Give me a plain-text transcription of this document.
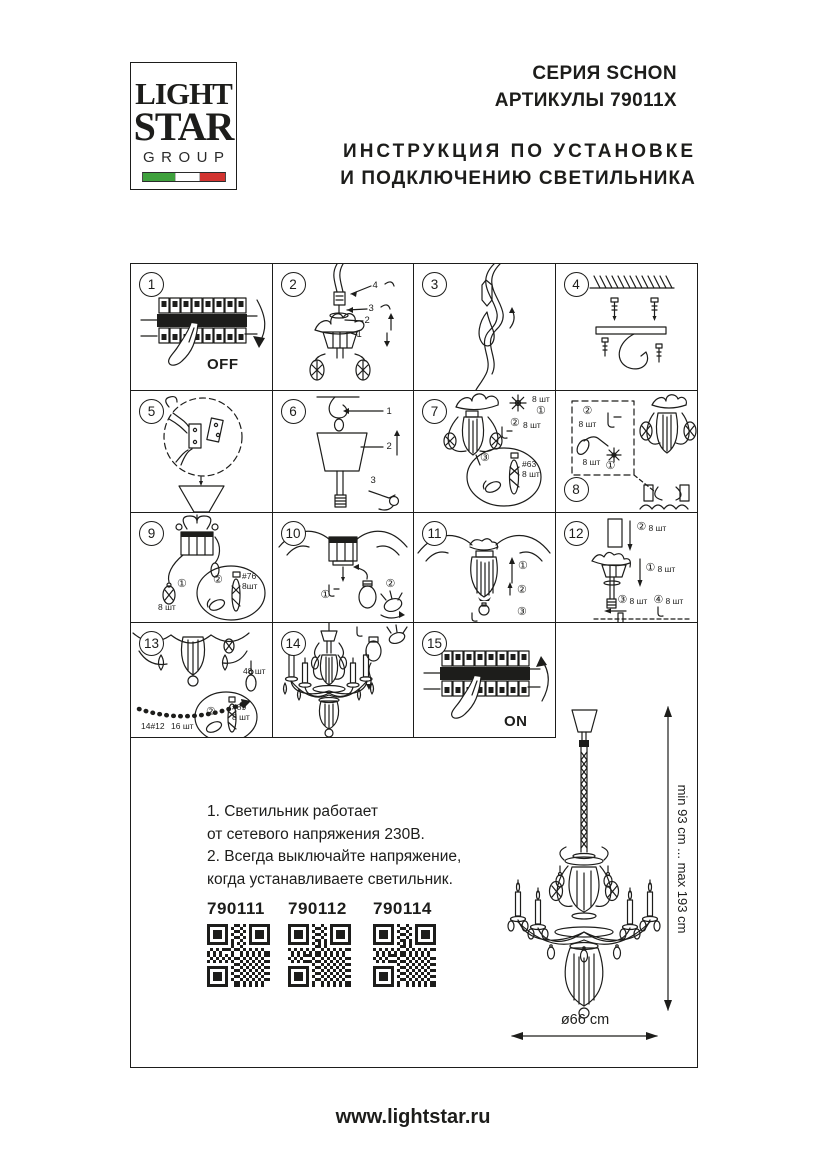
LIGHT
STAR
GROUP
СЕРИЯ SCHON
АРТИКУЛЫ 79011X
ИНСТРУКЦИЯ ПО УСТАНОВКЕ
И ПОДКЛЮЧЕНИЮ СВЕТИЛЬНИКА
1
OFF
2	4
3
2
1
3	4
5	6	1
2
3
7
8 шт
①
② 8 шт
③	#63
8 шт
8
②
8 шт
8 шт ①
9
①
8 шт
② #76
8шт
10
①
②
11
①
②
③
12	② 8 шт
① 8 шт
③ 8 шт ④ 8 шт
13
48 шт
② #89
8 шт
14#12 16 шт
14	15
ON
1. Светильник работает
от сетевого напряжения 230В.
2. Всегда выключайте напряжение,
когда устанавливаете светильник.
790111	790112	790114	min 93 cm ... max 193 cm
ø66 cm
www.lightstar.ru
